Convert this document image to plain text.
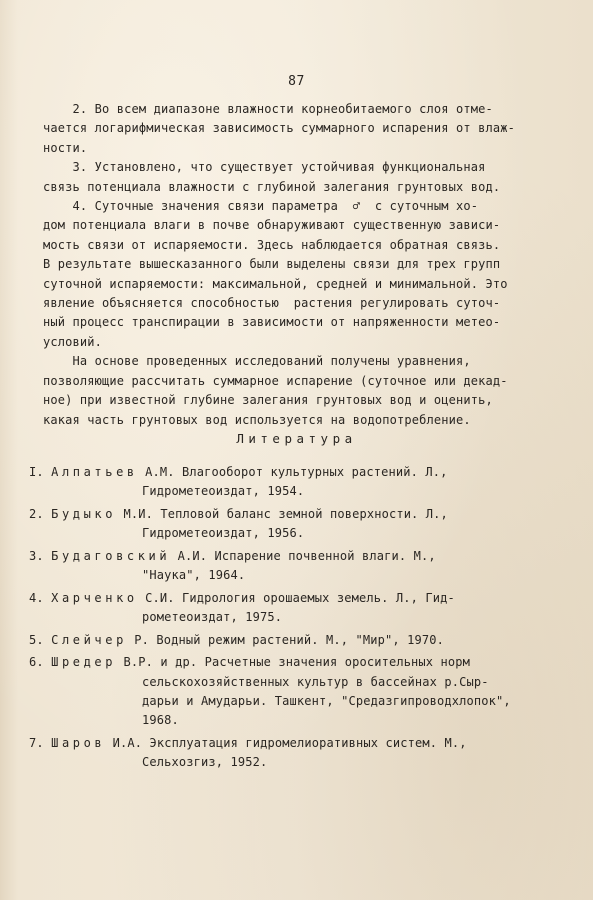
87

2. Во всем диапазоне влажности корнеобитаемого слоя отме-
чается логарифмическая зависимость суммарного испарения от влаж-
ности.

3. Установлено, что существует устойчивая функциональная
связь потенциала влажности с глубиной залегания грунтовых вод.

4. Суточные значения связи параметра  ♂  с суточным хо-
дом потенциала влаги в почве обнаруживают существенную зависи-
мость связи от испаряемости. Здесь наблюдается обратная связь.
В результате вышесказанного были выделены связи для трех групп
суточной испаряемости: максимальной, средней и минимальной. Это
явление объясняется способностью  растения регулировать суточ-
ный процесс транспирации в зависимости от напряженности метео-
условий.

На основе проведенных исследований получены уравнения,
позволяющие рассчитать суммарное испарение (суточное или декад-
ное) при известной глубине залегания грунтовых вод и оценить,
какая часть грунтовых вод используется на водопотребление.

Литература
I. Алпатьев А.М. Влагооборот культурных растений. Л.,
Гидрометеоиздат, 1954.
2. Будыко М.И. Тепловой баланс земной поверхности. Л.,
Гидрометеоиздат, 1956.
3. Будаговский А.И. Испарение почвенной влаги. М.,
"Наука", 1964.
4. Харченко С.И. Гидрология орошаемых земель. Л., Гид-
рометеоиздат, 1975.
5. Слейчер Р. Водный режим растений. М., "Мир", 1970.
6. Шредер В.Р. и др. Расчетные значения оросительных норм
сельскохозяйственных культур в бассейнах р.Сыр-
дарьи и Амударьи. Ташкент, "Средазгипроводхлопок",
1968.
7. Шаров И.А. Эксплуатация гидромелиоративных систем. М.,
Сельхозгиз, 1952.
